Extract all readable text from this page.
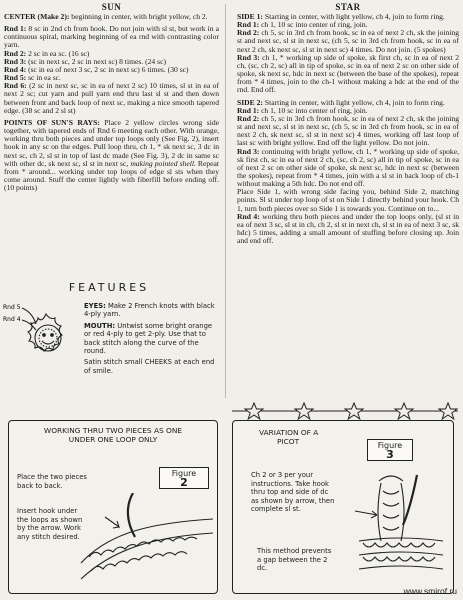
SUN

CENTER (Make 2): beginning in center, with bright yellow, ch 2.

Rnd 1: 8 sc in 2nd ch from hook. Do not join with sl st, but work in a continuous spiral, marking beginning of ea rnd with contrasting color yarn.
Rnd 2: 2 sc in ea sc. (16 sc)
Rnd 3: (sc in next sc, 2 sc in next sc) 8 times. (24 sc)
Rnd 4: (sc in ea of next 3 sc, 2 sc in next sc) 6 times. (30 sc)
Rnd 5: sc in ea sc.
Rnd 6: (2 sc in next sc, sc in ea of next 2 sc) 10 times, sl st in ea of next 2 sc; cut yarn and pull yarn end thru last sl st and then down between front and back loop of next sc, making a nice smooth tapered edge. (38 sc and 2 sl st)

POINTS OF SUN'S RAYS: Place 2 yellow circles wrong side together, with tapered ends of Rnd 6 meeting each other. With orange, working thru both pieces and under top loops only (See Fig. 2), insert hook in any sc on the edges. Pull loop thru, ch 1, * sk next sc, 3 dc in next sc, ch 2, sl st in top of last dc made (See Fig. 3), 2 dc in same sc with other dc, sk next sc, sl st in next sc, making pointed shell. Repeat from * around... working under top loops of edge sl sts when they come around. Stuff the center lightly with fiberfill before ending off. (10 points)

STAR

SIDE 1: Starting in center, with light yellow, ch 4, join to form ring.
Rnd 1: ch 1, 10 sc into center of ring, join.
Rnd 2: ch 5, sc in 3rd ch from hook, sc in ea of next 2 ch, sk the joining st and next sc, sl st in next sc, (ch 5, sc in 3rd ch from hook, sc in ea of next 2 ch, sk next sc, sl st in next sc) 4 times. Do not join. (5 spokes)
Rnd 3: ch 1, * working up side of spoke, sk first ch, sc in ea of next 2 ch, (sc, ch 2, sc) all in tip of spoke, sc in ea of next 2 sc on other side of spoke, sk next sc, hdc in next sc (between the base of the spokes), repeat from * 4 times, join to the ch-1 without making a hdc at the end of the rnd. End off.

SIDE 2: Starting in center, with light yellow, ch 4, join to form ring.
Rnd 1: ch 1, 10 sc into center of ring, join.
Rnd 2: ch 5, sc in 3rd ch from hook, sc in ea of next 2 ch, sk the joining st and next sc, sl st in next sc, (ch 5, sc in 3rd ch from hook, sc in ea of next 2 ch, sk next sc, sl st in next sc) 4 times, working off last loop of last sc with bright yellow. End off the light yellow. Do not join.
Rnd 3: continuing with bright yellow, ch 1, * working up side of spoke, sk first ch, sc in ea of next 2 ch, (sc, ch 2, sc) all in tip of spoke, sc in ea of next 2 sc on other side of spoke, sk next sc, hdc in next sc (between the spokes), repeat from * 4 times, join with a sl st in back loop of ch-1 without making a 5th hdc. Do not end off.
Place Side 1, with wrong side facing you, behind Side 2, matching points. Sl st under top loop of st on Side 1 directly behind your hook. Ch 1, turn both pieces over so Side 1 is towards you. Continue on to...
Rnd 4: working thru both pieces and under the top loops only, (sl st in ea of next 3 sc, sl st in ch, ch 2, sl st in next ch, sl st in ea of next 3 sc, sk hdc) 5 times, adding a small amount of stuffing before closing up. Join and end off.

FEATURES
Rnd 5
Rnd 4

EYES: Make 2 French knots with black 4-ply yarn.

MOUTH: Untwist some bright orange or red 4-ply to get 2-ply. Use that to back stitch along the curve of the round.

Satin stitch small CHEEKS at each end of smile.

WORKING THRU TWO PIECES AS ONE
UNDER ONE LOOP ONLY
Figure
2
Place the two pieces back to back.
Insert hook under the loops as shown by the arrow. Work any stitch desired.
VARIATION OF A
PICOT	Figure
3
Ch 2 or 3 per your instructions. Take hook thru top and side of dc as shown by arrow, then complete sl st.
This method prevents a gap between the 2 dc.
www.smirof.ru
